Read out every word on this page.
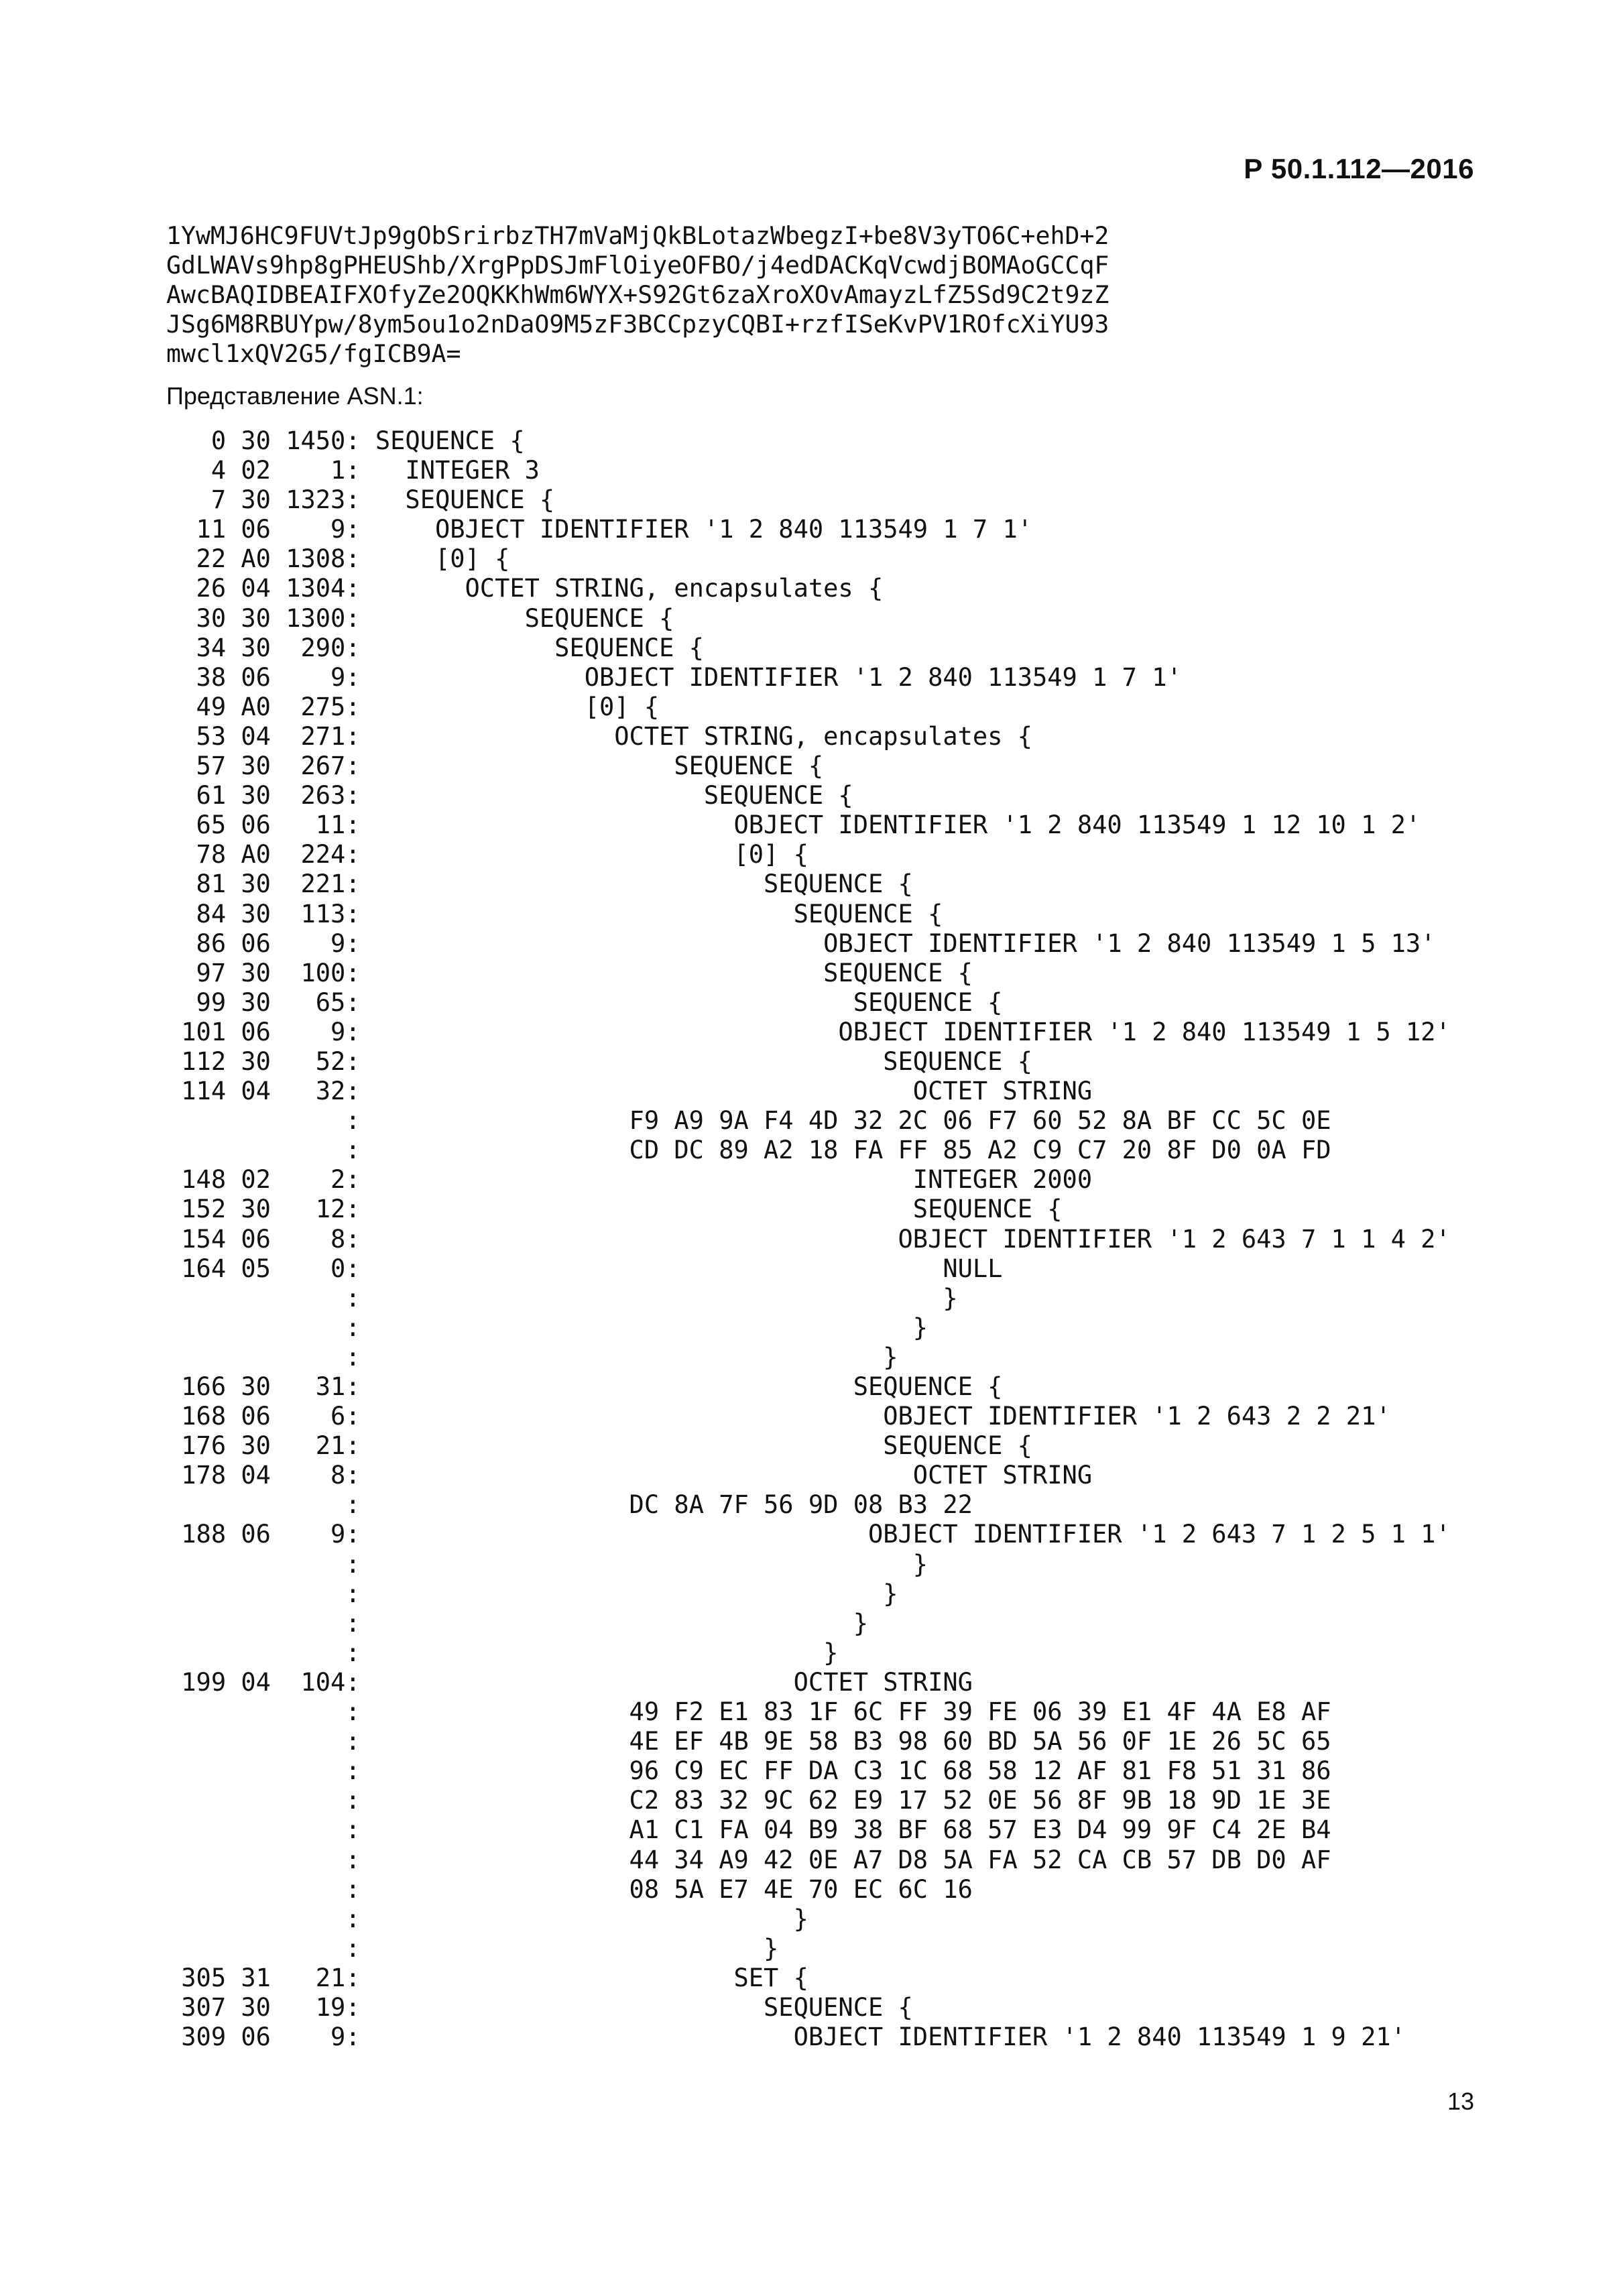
Р 50.1.112—2016
1YwMJ6HC9FUVtJp9gObSrirbzTH7mVaMjQkBLotazWbegzI+be8V3yTO6C+ehD+2
GdLWAVs9hp8gPHEUShb/XrgPpDSJmFlOiyeOFBO/j4edDACKqVcwdjBOMAoGCCqF
AwcBAQIDBEAIFXOfyZe2OQKKhWm6WYX+S92Gt6zaXroXOvAmayzLfZ5Sd9C2t9zZ
JSg6M8RBUYpw/8ym5ou1o2nDaO9M5zF3BCCpzyCQBI+rzfISeKvPV1ROfcXiYU93
mwcl1xQV2G5/fgICB9A=
Представление ASN.1:
0 30 1450: SEQUENCE {
4 02    1:   INTEGER 3
7 30 1323:   SEQUENCE {
11 06    9:     OBJECT IDENTIFIER '1 2 840 113549 1 7 1'
22 A0 1308:     [0] {
26 04 1304:       OCTET STRING, encapsulates {
30 30 1300:           SEQUENCE {
34 30  290:             SEQUENCE {
38 06    9:               OBJECT IDENTIFIER '1 2 840 113549 1 7 1'
49 A0  275:               [0] {
53 04  271:                 OCTET STRING, encapsulates {
57 30  267:                     SEQUENCE {
61 30  263:                       SEQUENCE {
65 06   11:                         OBJECT IDENTIFIER '1 2 840 113549 1 12 10 1 2'
78 A0  224:                         [0] {
81 30  221:                           SEQUENCE {
84 30  113:                             SEQUENCE {
86 06    9:                               OBJECT IDENTIFIER '1 2 840 113549 1 5 13'
97 30  100:                               SEQUENCE {
99 30   65:                                 SEQUENCE {
101 06    9:                                OBJECT IDENTIFIER '1 2 840 113549 1 5 12'
112 30   52:                                   SEQUENCE {
114 04   32:                                     OCTET STRING
:                  F9 A9 9A F4 4D 32 2C 06 F7 60 52 8A BF CC 5C 0E
:                  CD DC 89 A2 18 FA FF 85 A2 C9 C7 20 8F D0 0A FD
148 02    2:                                     INTEGER 2000
152 30   12:                                     SEQUENCE {
154 06    8:                                    OBJECT IDENTIFIER '1 2 643 7 1 1 4 2'
164 05    0:                                       NULL
:                                       }
:                                     }
:                                   }
166 30   31:                                 SEQUENCE {
168 06    6:                                   OBJECT IDENTIFIER '1 2 643 2 2 21'
176 30   21:                                   SEQUENCE {
178 04    8:                                     OCTET STRING
:                  DC 8A 7F 56 9D 08 B3 22
188 06    9:                                  OBJECT IDENTIFIER '1 2 643 7 1 2 5 1 1'
:                                     }
:                                   }
:                                 }
:                               }
199 04  104:                             OCTET STRING
:                  49 F2 E1 83 1F 6C FF 39 FE 06 39 E1 4F 4A E8 AF
:                  4E EF 4B 9E 58 B3 98 60 BD 5A 56 0F 1E 26 5C 65
:                  96 C9 EC FF DA C3 1C 68 58 12 AF 81 F8 51 31 86
:                  C2 83 32 9C 62 E9 17 52 0E 56 8F 9B 18 9D 1E 3E
:                  A1 C1 FA 04 B9 38 BF 68 57 E3 D4 99 9F C4 2E B4
:                  44 34 A9 42 0E A7 D8 5A FA 52 CA CB 57 DB D0 AF
:                  08 5A E7 4E 70 EC 6C 16
:                             }
:                           }
305 31   21:                         SET {
307 30   19:                           SEQUENCE {
309 06    9:                             OBJECT IDENTIFIER '1 2 840 113549 1 9 21'
13
